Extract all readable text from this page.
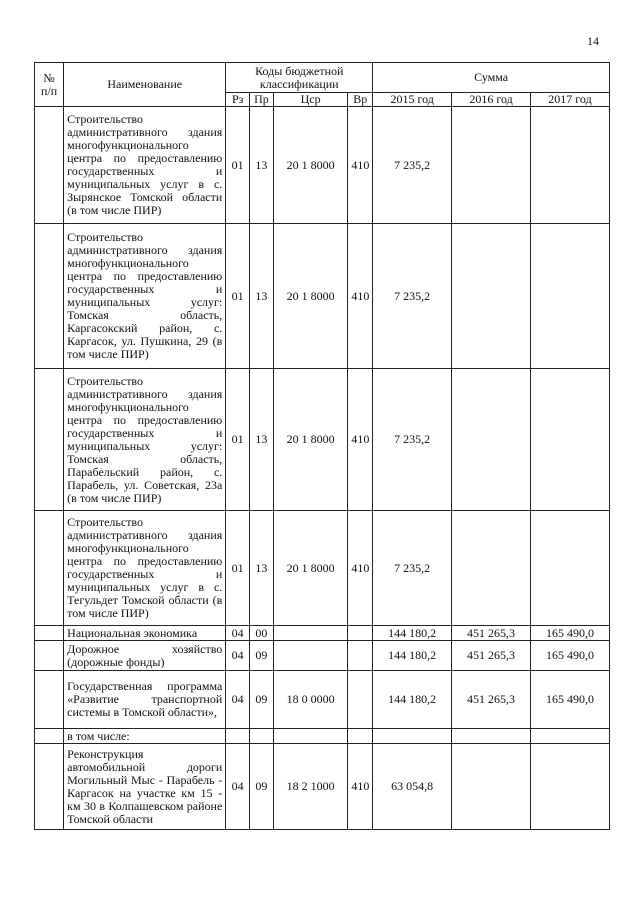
14
№ п/п	Наименование	Коды бюджетной классификации				Сумма		
		Рз	Пр	Цср	Вр	2015 год	2016 год	2017 год
	Строительство административного здания многофункционального центра по предоставлению государственных и муниципальных услуг в с. Зырянское Томской области (в том числе ПИР)	01	13	20 1 8000	410	7 235,2		
	Строительство административного здания многофункционального центра по предоставлению государственных и муниципальных услуг: Томская область, Каргасокский район, с. Каргасок, ул. Пушкина, 29 (в том числе ПИР)	01	13	20 1 8000	410	7 235,2		
	Строительство административного здания многофункционального центра по предоставлению государственных и муниципальных услуг: Томская область, Парабельский район, с. Парабель, ул. Советская, 23а (в том числе ПИР)	01	13	20 1 8000	410	7 235,2		
	Строительство административного здания многофункционального центра по предоставлению государственных и муниципальных услуг в с. Тегульдет Томской области (в том числе ПИР)	01	13	20 1 8000	410	7 235,2		
	Национальная экономика	04	00			144 180,2	451 265,3	165 490,0
	Дорожное хозяйство (дорожные фонды)	04	09			144 180,2	451 265,3	165 490,0
	Государственная программа «Развитие транспортной системы в Томской области»,	04	09	18 0 0000		144 180,2	451 265,3	165 490,0
	в том числе:							
	Реконструкция автомобильной дороги Могильный Мыс - Парабель - Каргасок на участке км 15 - км 30 в Колпашевском районе Томской области	04	09	18 2 1000	410	63 054,8		
